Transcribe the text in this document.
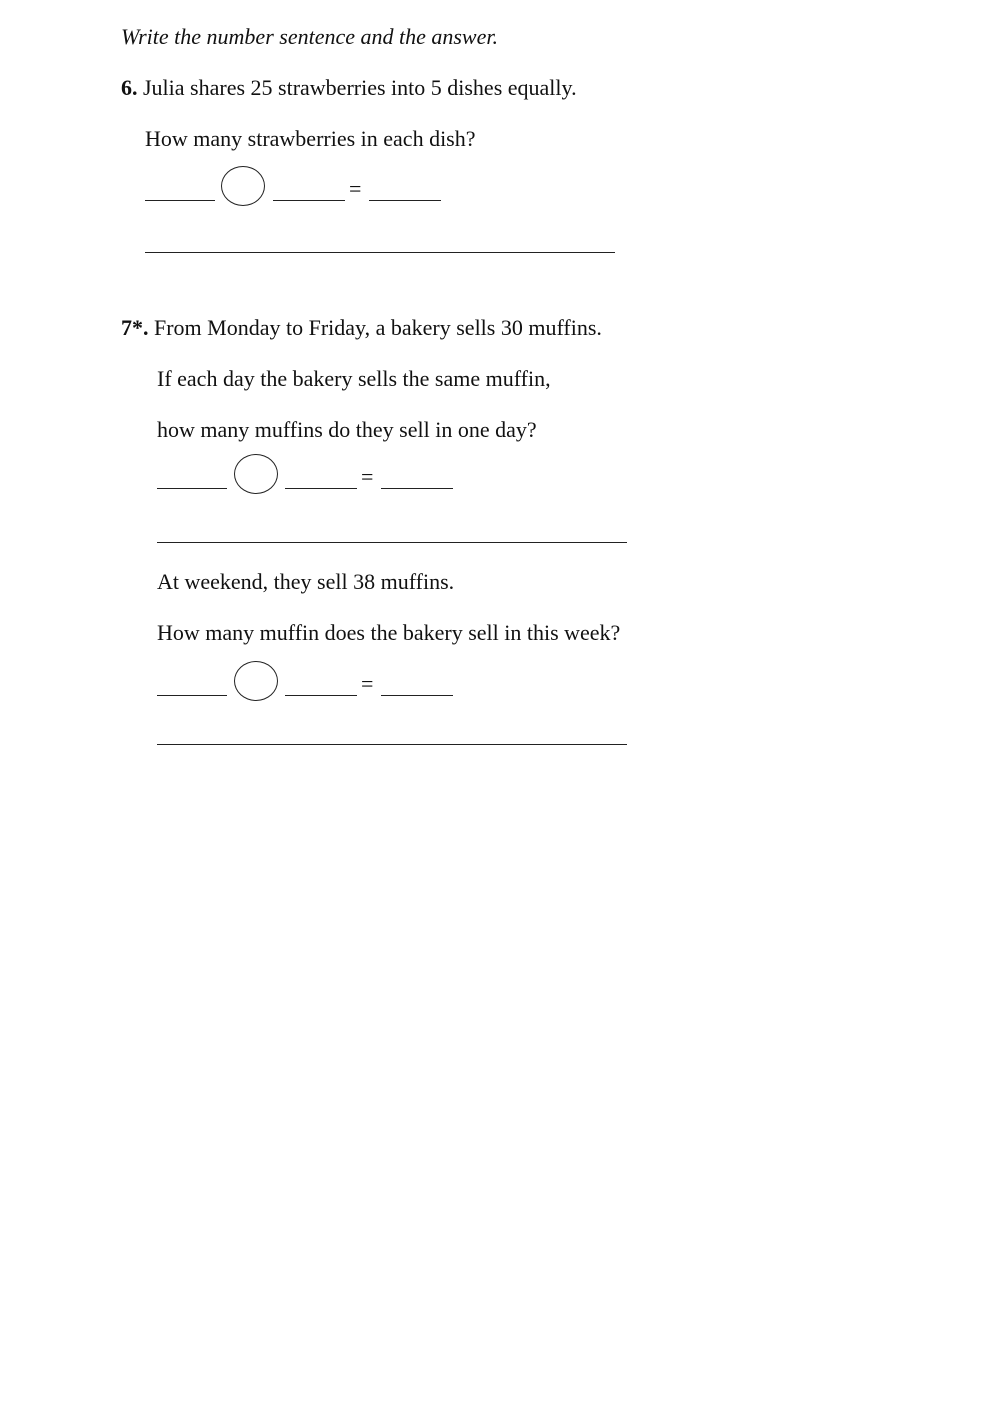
Write the number sentence and the answer.
6. Julia shares 25 strawberries into 5 dishes equally.
How many strawberries in each dish?
=
7*. From Monday to Friday, a bakery sells 30 muffins.
If each day the bakery sells the same muffin,
how many muffins do they sell in one day?
=
At weekend, they sell 38 muffins.
How many muffin does the bakery sell in this week?
=
